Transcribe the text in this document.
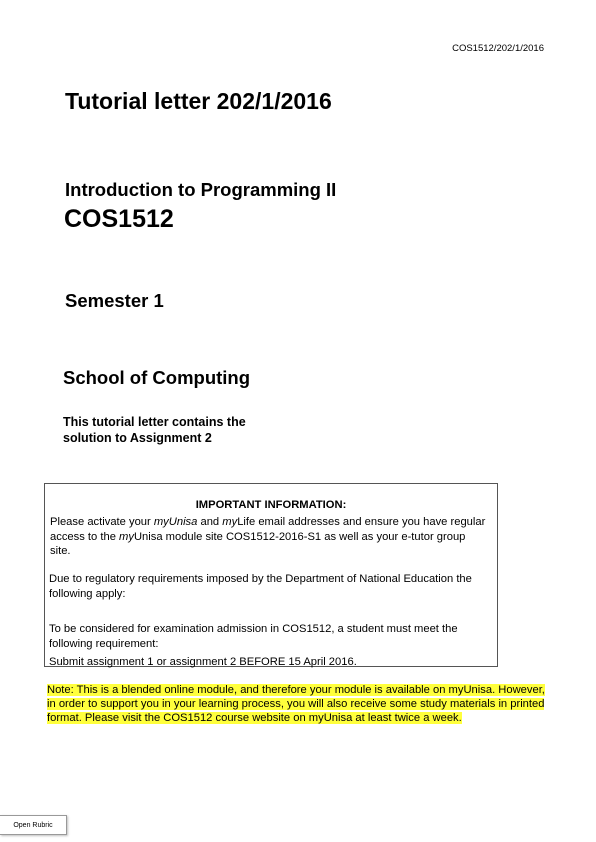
COS1512/202/1/2016
Tutorial letter 202/1/2016
Introduction to Programming II
COS1512
Semester 1
School of Computing
This tutorial letter contains the
solution to Assignment 2
IMPORTANT INFORMATION:
Please activate your myUnisa and myLife email addresses and ensure you have regular access to the myUnisa module site COS1512-2016-S1 as well as your e-tutor group site.
Due to regulatory requirements imposed by the Department of National Education the following apply:
To be considered for examination admission in COS1512, a student must meet the following requirement:
Submit assignment 1 or assignment 2 BEFORE 15 April 2016.
Note: This is a blended online module, and therefore your module is available on myUnisa. However, in order to support you in your learning process, you will also receive some study materials in printed format. Please visit the COS1512 course website on myUnisa at least twice a week.
Open Rubric
